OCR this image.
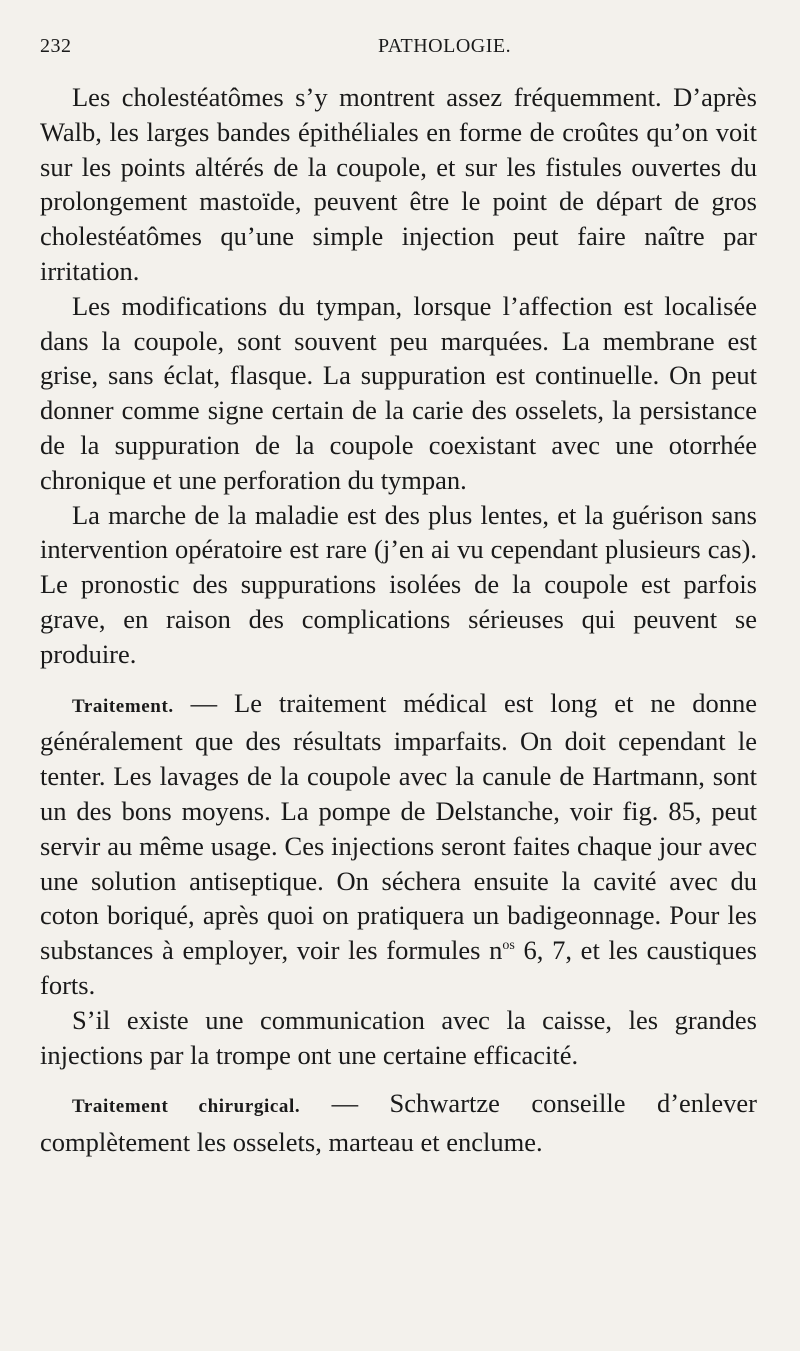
232	PATHOLOGIE.

Les cholestéatômes s’y montrent assez fréquemment. D’après Walb, les larges bandes épithéliales en forme de croûtes qu’on voit sur les points altérés de la coupole, et sur les fistules ouvertes du prolongement mastoïde, peuvent être le point de départ de gros cholestéatômes qu’une simple injection peut faire naître par irritation.

Les modifications du tympan, lorsque l’affection est localisée dans la coupole, sont souvent peu marquées. La membrane est grise, sans éclat, flasque. La suppuration est continuelle. On peut donner comme signe certain de la carie des osselets, la persistance de la suppuration de la coupole coexistant avec une otorrhée chronique et une perforation du tympan.

La marche de la maladie est des plus lentes, et la guérison sans intervention opératoire est rare (j’en ai vu cependant plusieurs cas). Le pronostic des suppurations isolées de la coupole est parfois grave, en raison des complications sérieuses qui peuvent se produire.

Traitement. — Le traitement médical est long et ne donne généralement que des résultats imparfaits. On doit cependant le tenter. Les lavages de la coupole avec la canule de Hartmann, sont un des bons moyens. La pompe de Delstanche, voir fig. 85, peut servir au même usage. Ces injections seront faites chaque jour avec une solution antiseptique. On séchera ensuite la cavité avec du coton boriqué, après quoi on pratiquera un badigeonnage. Pour les substances à employer, voir les formules $n^{os}$ 6, 7, et les caustiques forts.

S’il existe une communication avec la caisse, les grandes injections par la trompe ont une certaine efficacité.

Traitement chirurgical. — Schwartze conseille d’enlever complètement les osselets, marteau et enclume.
